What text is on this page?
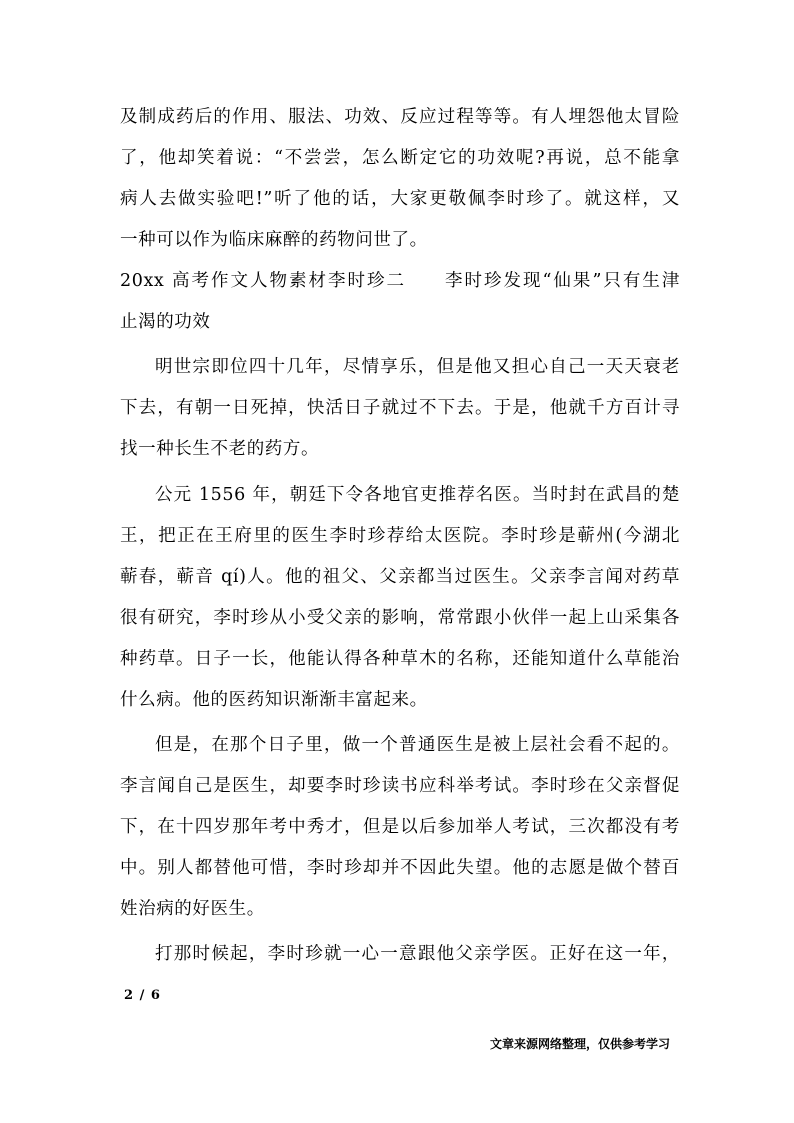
及制成药后的作用、服法、功效、反应过程等等。有人埋怨他太冒险
了，他却笑着说：“不尝尝，怎么断定它的功效呢?再说，总不能拿
病人去做实验吧!”听了他的话，大家更敬佩李时珍了。就这样，又
一种可以作为临床麻醉的药物问世了。
20xx 高考作文人物素材李时珍二　　李时珍发现“仙果”只有生津
止渴的功效
明世宗即位四十几年，尽情享乐，但是他又担心自己一天天衰老
下去，有朝一日死掉，快活日子就过不下去。于是，他就千方百计寻
找一种长生不老的药方。
公元 1556 年，朝廷下令各地官吏推荐名医。当时封在武昌的楚
王，把正在王府里的医生李时珍荐给太医院。李时珍是蕲州(今湖北
蕲春，蕲音 qí)人。他的祖父、父亲都当过医生。父亲李言闻对药草
很有研究，李时珍从小受父亲的影响，常常跟小伙伴一起上山采集各
种药草。日子一长，他能认得各种草木的名称，还能知道什么草能治
什么病。他的医药知识渐渐丰富起来。
但是，在那个日子里，做一个普通医生是被上层社会看不起的。
李言闻自己是医生，却要李时珍读书应科举考试。李时珍在父亲督促
下，在十四岁那年考中秀才，但是以后参加举人考试，三次都没有考
中。别人都替他可惜，李时珍却并不因此失望。他的志愿是做个替百
姓治病的好医生。
打那时候起，李时珍就一心一意跟他父亲学医。正好在这一年，
2 / 6
文章来源网络整理，仅供参考学习
